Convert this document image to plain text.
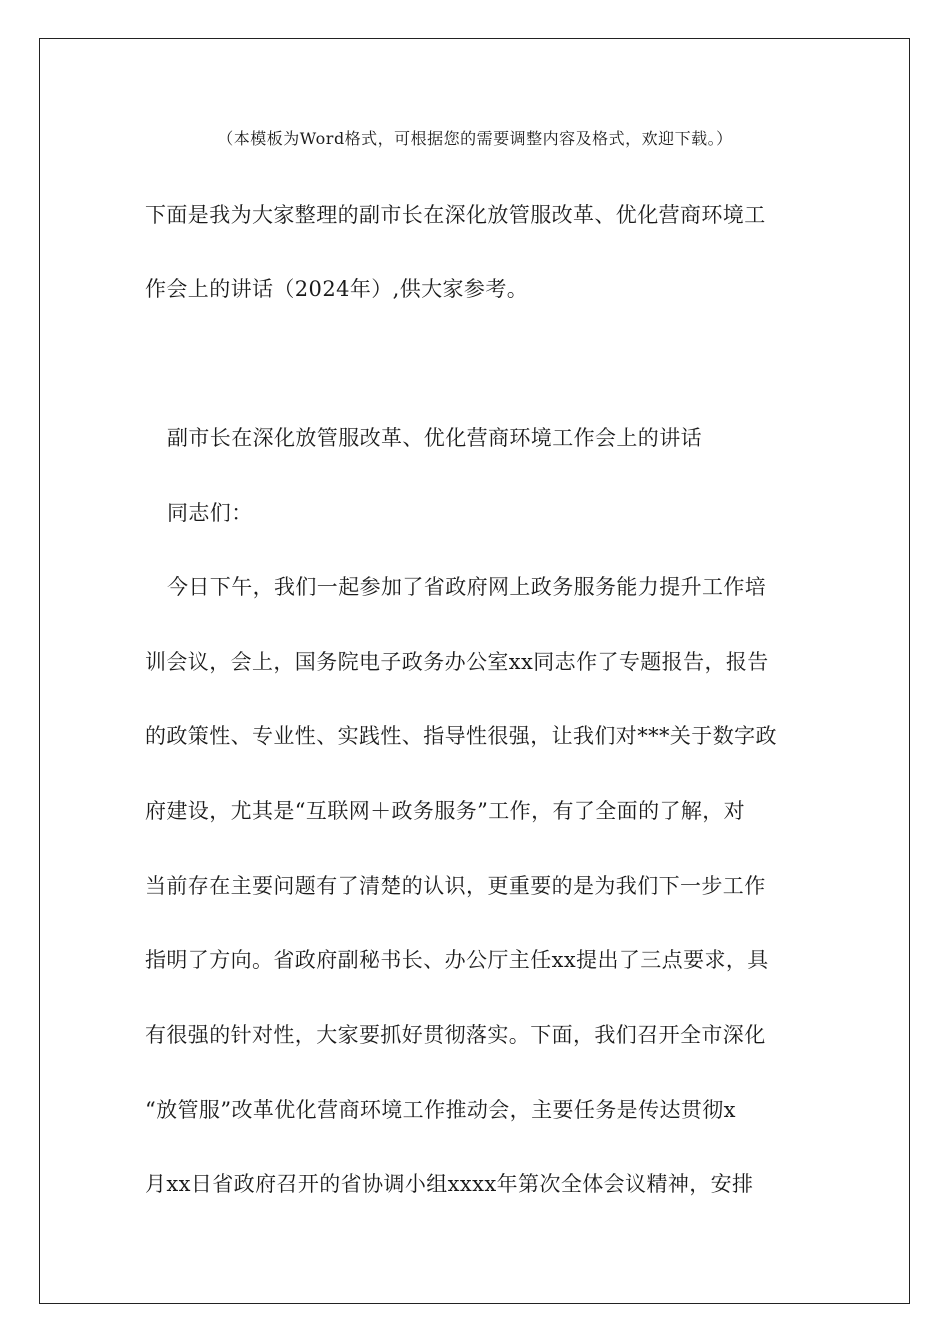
（本模板为Word格式，可根据您的需要调整内容及格式，欢迎下载。）
下面是我为大家整理的副市长在深化放管服改革、优化营商环境工
作会上的讲话（2024年）,供大家参考。
副市长在深化放管服改革、优化营商环境工作会上的讲话
同志们：
今日下午，我们一起参加了省政府网上政务服务能力提升工作培
训会议，会上，国务院电子政务办公室xx同志作了专题报告，报告
的政策性、专业性、实践性、指导性很强，让我们对***关于数字政
府建设，尤其是“互联网＋政务服务”工作，有了全面的了解，对
当前存在主要问题有了清楚的认识，更重要的是为我们下一步工作
指明了方向。省政府副秘书长、办公厅主任xx提出了三点要求，具
有很强的针对性，大家要抓好贯彻落实。下面，我们召开全市深化
“放管服”改革优化营商环境工作推动会，主要任务是传达贯彻x
月xx日省政府召开的省协调小组xxxx年第次全体会议精神，安排
